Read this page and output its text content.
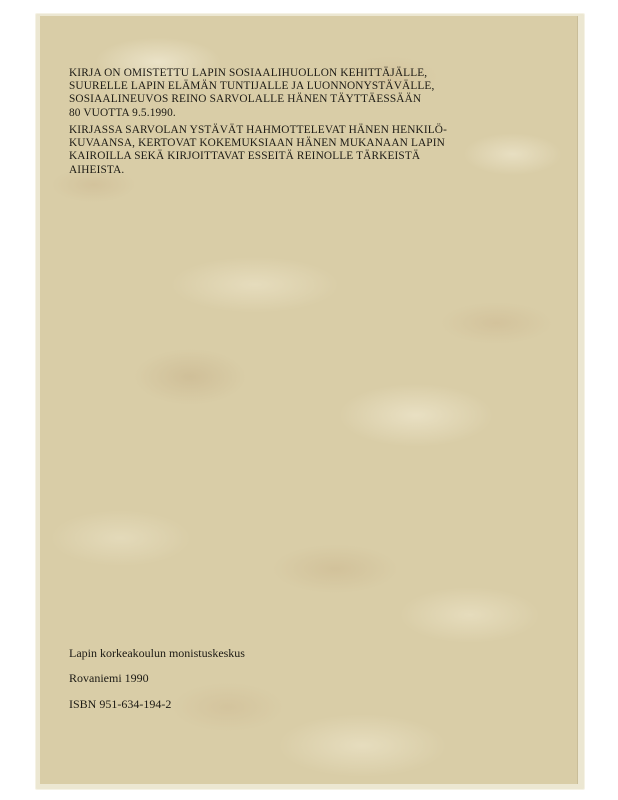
KIRJA ON OMISTETTU LAPIN SOSIAALIHUOLLON KEHITTÄJÄLLE,
SUURELLE LAPIN ELÄMÄN TUNTIJALLE JA LUONNONYSTÄVÄLLE,
SOSIAALINEUVOS REINO SARVOLALLE HÄNEN TÄYTTÄESSÄÄN
80 VUOTTA 9.5.1990.
KIRJASSA SARVOLAN YSTÄVÄT HAHMOTTELEVAT HÄNEN HENKILÖ-
KUVAANSA, KERTOVAT KOKEMUKSIAAN HÄNEN MUKANAAN LAPIN
KAIROILLA SEKÄ KIRJOITTAVAT ESSEITÄ REINOLLE TÄRKEISTÄ
AIHEISTA.

Lapin korkeakoulun monistuskeskus

Rovaniemi 1990

ISBN 951-634-194-2
